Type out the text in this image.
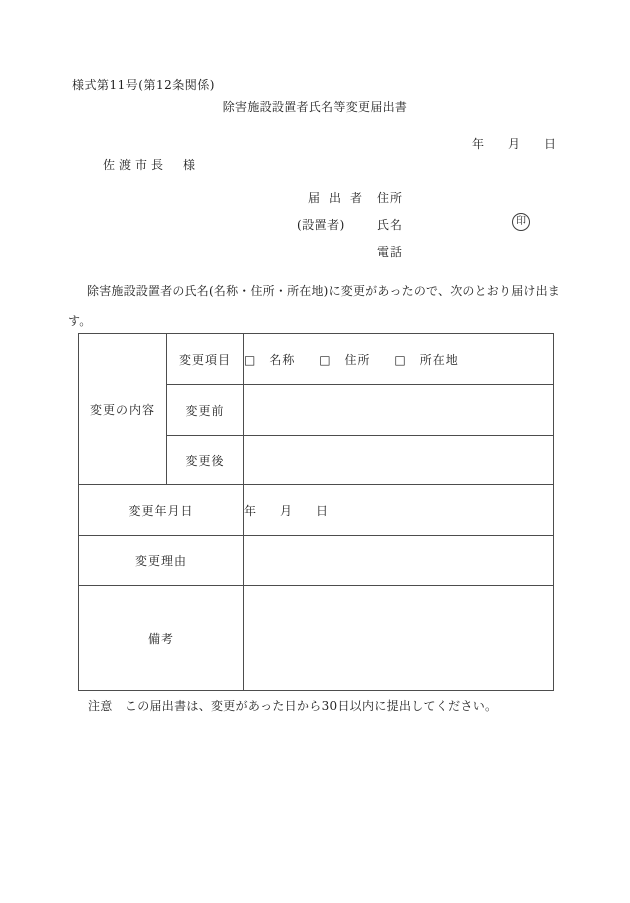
様式第11号(第12条関係)
除害施設設置者氏名等変更届出書
年　　月　　日
佐渡市長　様
届出者
(設置者)
住所
氏名
電話
印
除害施設設置者の氏名(名称・住所・所在地)に変更があったので、次のとおり届け出ます。
変更の内容	変更項目	□ 名称 □ 住所 □ 所在地
	変更前	
	変更後	
変更年月日		年　　月　　日
変更理由		
備考		
注意　この届出書は、変更があった日から30日以内に提出してください。
